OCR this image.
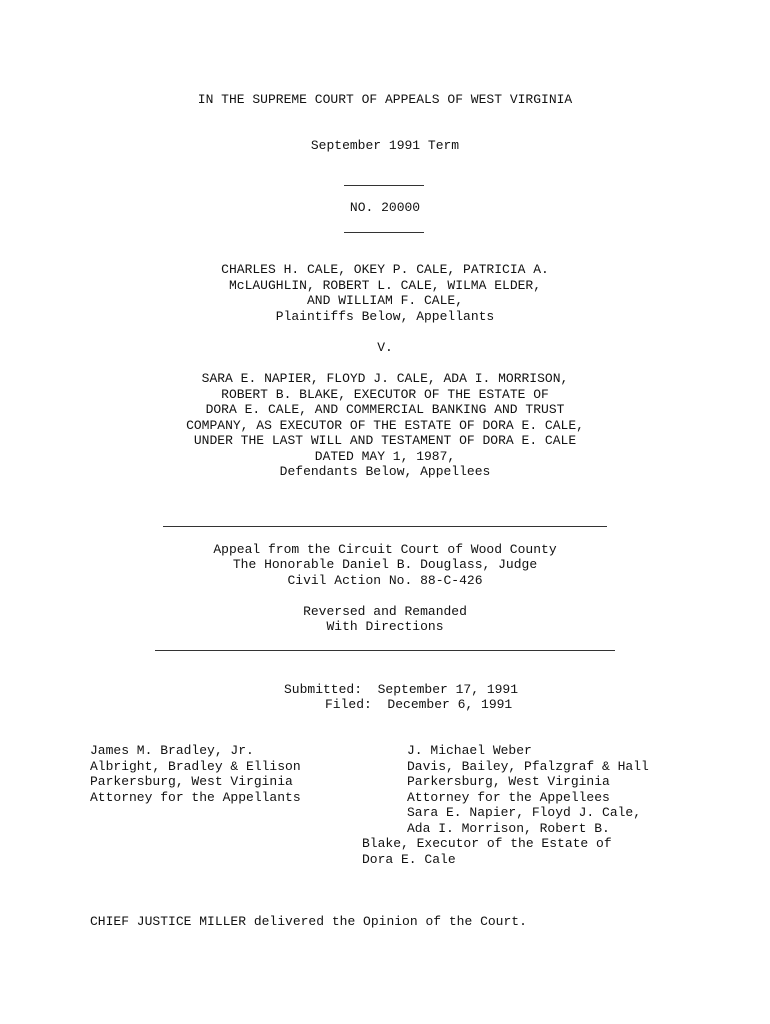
IN THE SUPREME COURT OF APPEALS OF WEST VIRGINIA
September 1991 Term
NO. 20000
CHARLES H. CALE, OKEY P. CALE, PATRICIA A.
McLAUGHLIN, ROBERT L. CALE, WILMA ELDER,
AND WILLIAM F. CALE,
Plaintiffs Below, Appellants
V.
SARA E. NAPIER, FLOYD J. CALE, ADA I. MORRISON,
ROBERT B. BLAKE, EXECUTOR OF THE ESTATE OF
DORA E. CALE, AND COMMERCIAL BANKING AND TRUST
COMPANY, AS EXECUTOR OF THE ESTATE OF DORA E. CALE,
UNDER THE LAST WILL AND TESTAMENT OF DORA E. CALE
DATED MAY 1, 1987,
Defendants Below, Appellees
Appeal from the Circuit Court of Wood County
The Honorable Daniel B. Douglass, Judge
Civil Action No. 88-C-426
Reversed and Remanded
With Directions
Submitted:  September 17, 1991
Filed:  December 6, 1991
James M. Bradley, Jr.
Albright, Bradley & Ellison
Parkersburg, West Virginia
Attorney for the Appellants
J. Michael Weber
Davis, Bailey, Pfalzgraf & Hall
Parkersburg, West Virginia
Attorney for the Appellees
Sara E. Napier, Floyd J. Cale,
Ada I. Morrison, Robert B.
Blake, Executor of the Estate of
Dora E. Cale
CHIEF JUSTICE MILLER delivered the Opinion of the Court.
